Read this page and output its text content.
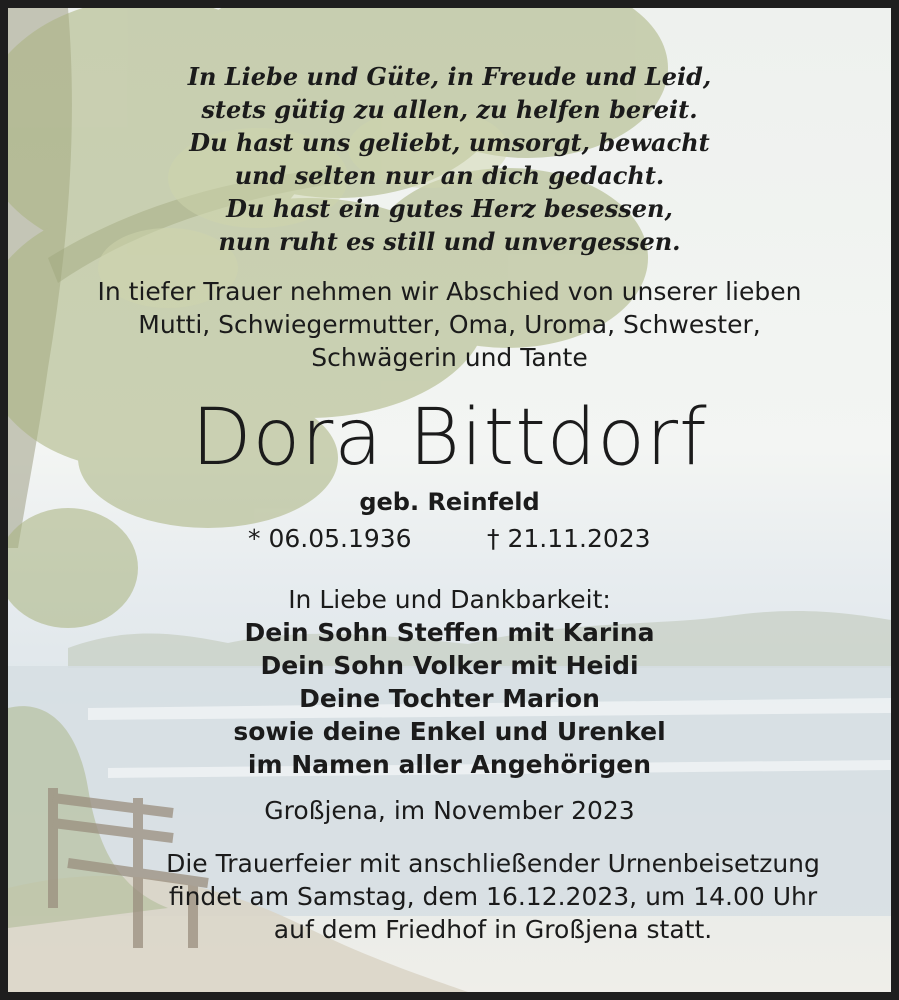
In Liebe und Güte, in Freude und Leid,
stets gütig zu allen, zu helfen bereit.
Du hast uns geliebt, umsorgt, bewacht
und selten nur an dich gedacht.
Du hast ein gutes Herz besessen,
nun ruht es still und unvergessen.
In tiefer Trauer nehmen wir Abschied von unserer lieben
Mutti, Schwiegermutter, Oma, Uroma, Schwester,
Schwägerin und Tante
Dora Bittdorf
geb. Reinfeld
* 06.05.1936	† 21.11.2023
In Liebe und Dankbarkeit:
Dein Sohn Steffen mit Karina
Dein Sohn Volker mit Heidi
Deine Tochter Marion
sowie deine Enkel und Urenkel
im Namen aller Angehörigen
Großjena, im November 2023
Die Trauerfeier mit anschließender Urnenbeisetzung
findet am Samstag, dem 16.12.2023, um 14.00 Uhr
auf dem Friedhof in Großjena statt.
